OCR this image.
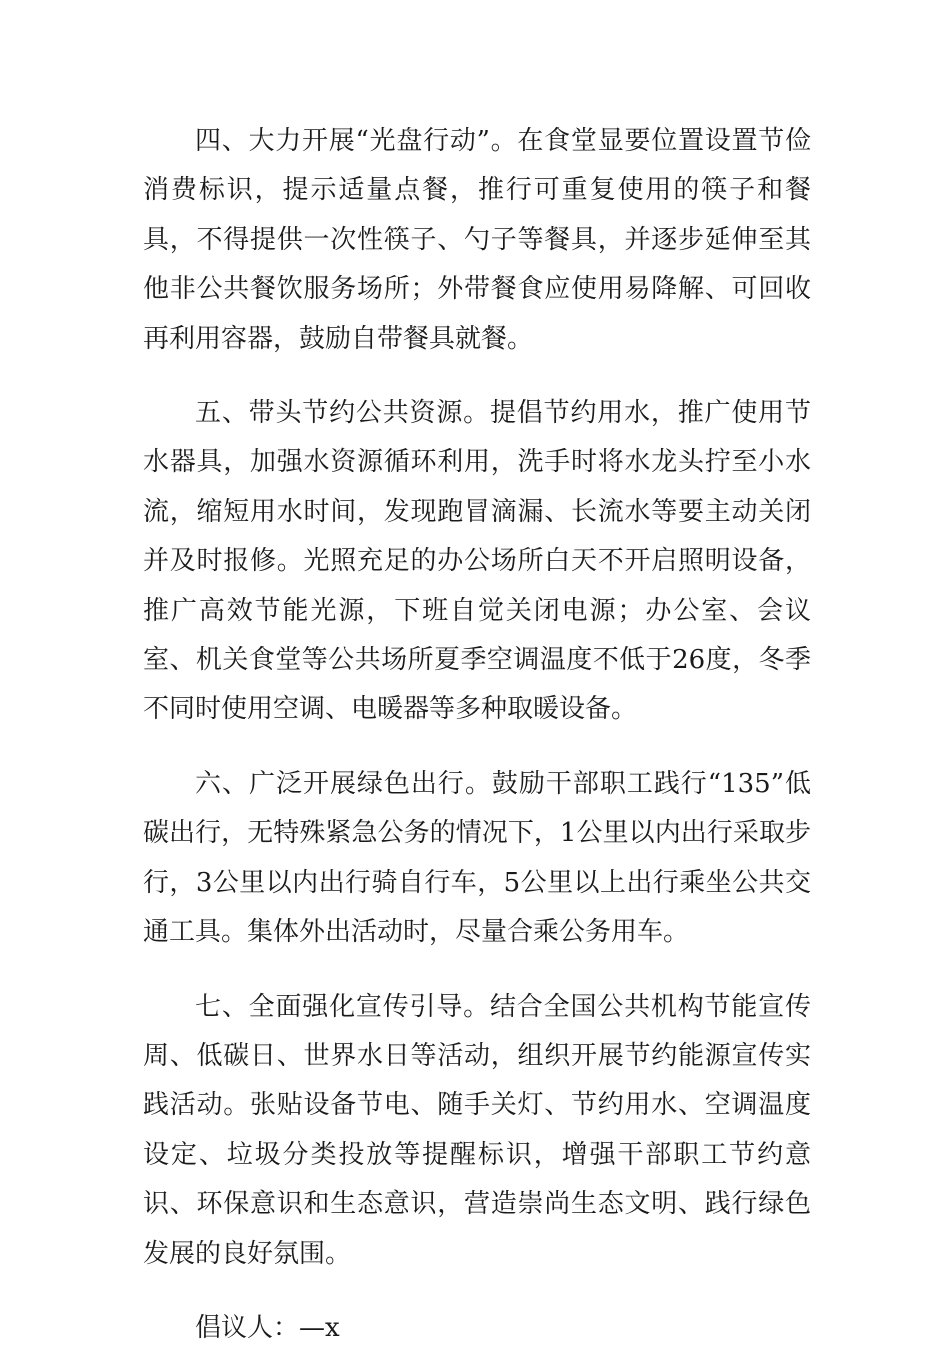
四、大力开展“光盘行动”。在食堂显要位置设置节俭消费标识，提示适量点餐，推行可重复使用的筷子和餐具，不得提供一次性筷子、勺子等餐具，并逐步延伸至其他非公共餐饮服务场所；外带餐食应使用易降解、可回收再利用容器，鼓励自带餐具就餐。

五、带头节约公共资源。提倡节约用水，推广使用节水器具，加强水资源循环利用，洗手时将水龙头拧至小水流，缩短用水时间，发现跑冒滴漏、长流水等要主动关闭并及时报修。光照充足的办公场所白天不开启照明设备，推广高效节能光源，下班自觉关闭电源；办公室、会议室、机关食堂等公共场所夏季空调温度不低于26度，冬季不同时使用空调、电暖器等多种取暖设备。

六、广泛开展绿色出行。鼓励干部职工践行“135”低碳出行，无特殊紧急公务的情况下，1公里以内出行采取步行，3公里以内出行骑自行车，5公里以上出行乘坐公共交通工具。集体外出活动时，尽量合乘公务用车。

七、全面强化宣传引导。结合全国公共机构节能宣传周、低碳日、世界水日等活动，组织开展节约能源宣传实践活动。张贴设备节电、随手关灯、节约用水、空调温度设定、垃圾分类投放等提醒标识，增强干部职工节约意识、环保意识和生态意识，营造崇尚生态文明、践行绿色发展的良好氛围。

倡议人：—x
